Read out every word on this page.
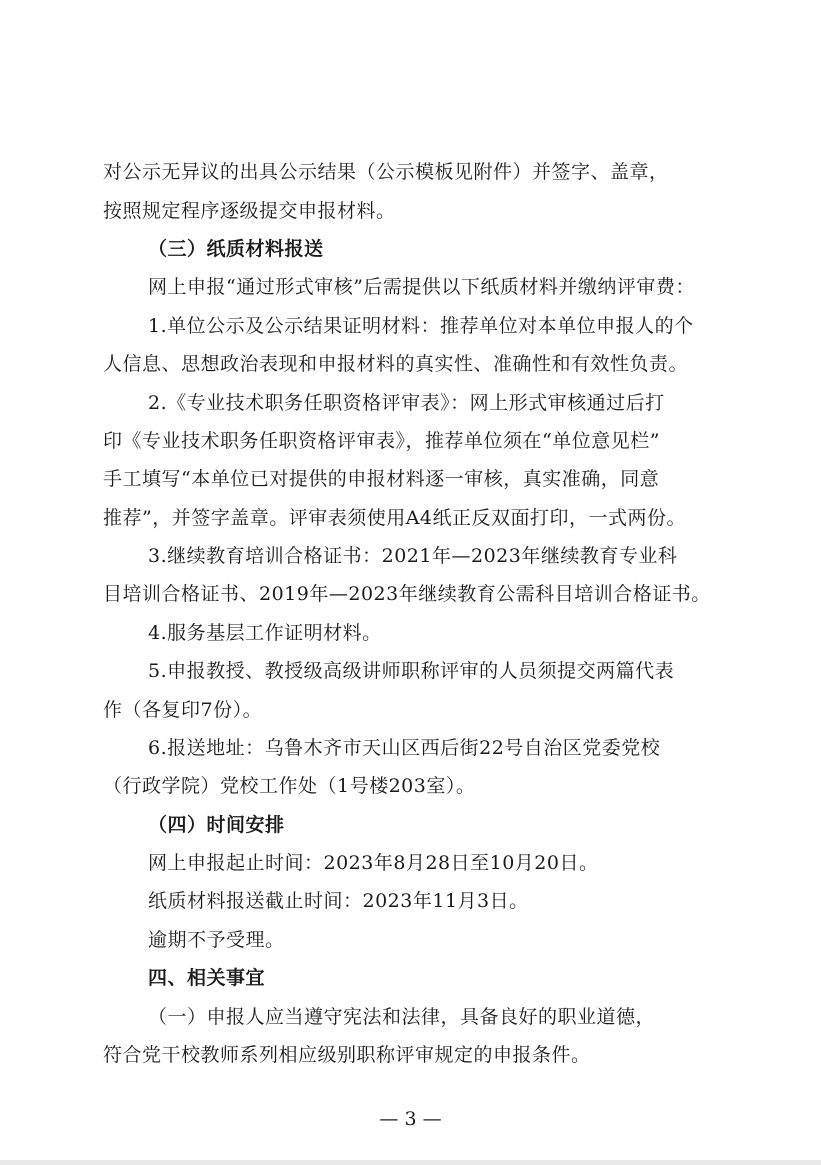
对公示无异议的出具公示结果（公示模板见附件）并签字、盖章，
按照规定程序逐级提交申报材料。
（三）纸质材料报送
网上申报“通过形式审核”后需提供以下纸质材料并缴纳评审费：
1.单位公示及公示结果证明材料：推荐单位对本单位申报人的个
人信息、思想政治表现和申报材料的真实性、准确性和有效性负责。
2.《专业技术职务任职资格评审表》：网上形式审核通过后打
印《专业技术职务任职资格评审表》，推荐单位须在“单位意见栏”
手工填写“本单位已对提供的申报材料逐一审核，真实准确，同意
推荐”，并签字盖章。评审表须使用A4纸正反双面打印，一式两份。
3.继续教育培训合格证书：2021年—2023年继续教育专业科
目培训合格证书、2019年—2023年继续教育公需科目培训合格证书。
4.服务基层工作证明材料。
5.申报教授、教授级高级讲师职称评审的人员须提交两篇代表
作（各复印7份）。
6.报送地址：乌鲁木齐市天山区西后街22号自治区党委党校
（行政学院）党校工作处（1号楼203室）。
（四）时间安排
网上申报起止时间：2023年8月28日至10月20日。
纸质材料报送截止时间：2023年11月3日。
逾期不予受理。
四、相关事宜
（一）申报人应当遵守宪法和法律，具备良好的职业道德，
符合党干校教师系列相应级别职称评审规定的申报条件。
— 3 —
